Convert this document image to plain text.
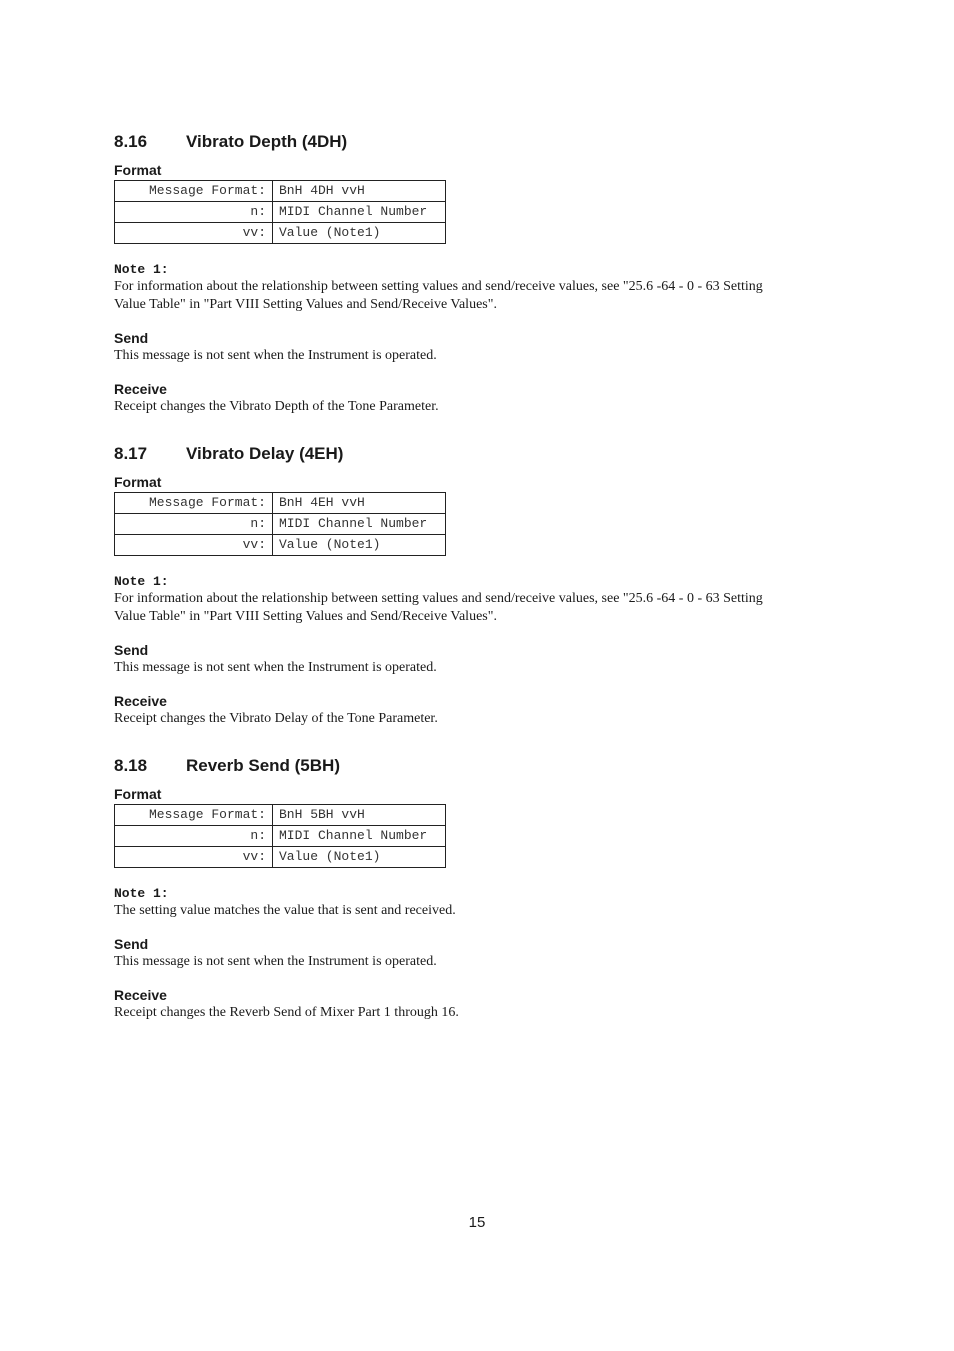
8.16 Vibrato Depth (4DH)

Format

Message Format:	BnH 4DH vvH
n:	MIDI Channel Number
vv:	Value (Note1)

Note 1:

For information about the relationship between setting values and send/receive values, see "25.6 -64 - 0 - 63 Setting Value Table" in "Part VIII Setting Values and Send/Receive Values".

Send

This message is not sent when the Instrument is operated.

Receive

Receipt changes the Vibrato Depth of the Tone Parameter.

8.17 Vibrato Delay (4EH)

Format

Message Format:	BnH 4EH vvH
n:	MIDI Channel Number
vv:	Value (Note1)

Note 1:

For information about the relationship between setting values and send/receive values, see "25.6 -64 - 0 - 63 Setting Value Table" in "Part VIII Setting Values and Send/Receive Values".

Send

This message is not sent when the Instrument is operated.

Receive

Receipt changes the Vibrato Delay of the Tone Parameter.

8.18 Reverb Send (5BH)

Format

Message Format:	BnH 5BH vvH
n:	MIDI Channel Number
vv:	Value (Note1)

Note 1:

The setting value matches the value that is sent and received.

Send

This message is not sent when the Instrument is operated.

Receive

Receipt changes the Reverb Send of Mixer Part 1 through 16.

15
